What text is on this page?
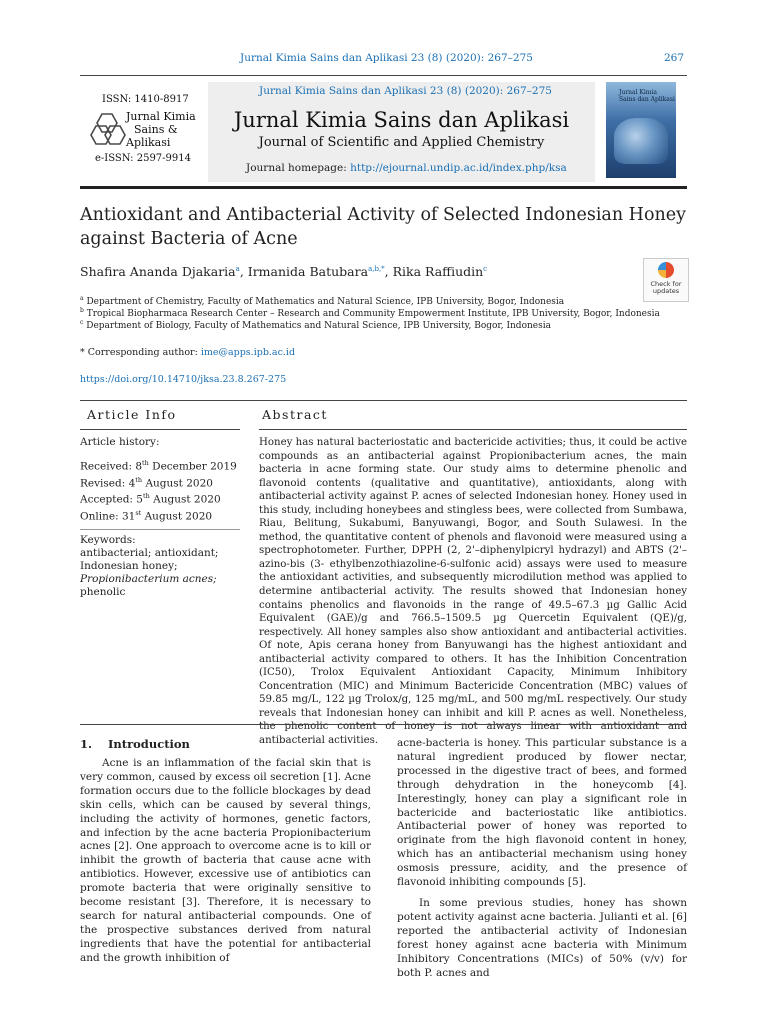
Jurnal Kimia Sains dan Aplikasi 23 (8) (2020): 267–275	267
ISSN: 1410-8917
Jurnal Kimia
Sains &
Aplikasi
e-ISSN: 2597-9914
Jurnal Kimia Sains dan Aplikasi 23 (8) (2020): 267–275
Jurnal Kimia Sains dan Aplikasi
Journal of Scientific and Applied Chemistry
Journal homepage: http://ejournal.undip.ac.id/index.php/ksa
Jurnal Kimia
Sains dan Aplikasi
Antioxidant and Antibacterial Activity of Selected Indonesian Honey against Bacteria of Acne
Shafira Ananda Djakaria$^a$, Irmanida Batubara$^{a,b,*}$, Rika Raffiudin$^c$
Check for updates
$^a$ Department of Chemistry, Faculty of Mathematics and Natural Science, IPB University, Bogor, Indonesia
$^b$ Tropical Biopharmaca Research Center – Research and Community Empowerment Institute, IPB University, Bogor, Indonesia
$^c$ Department of Biology, Faculty of Mathematics and Natural Science, IPB University, Bogor, Indonesia
* Corresponding author: ime@apps.ipb.ac.id
https://doi.org/10.14710/jksa.23.8.267-275
Article Info	Abstract

Article history:

Received: 8th December 2019

Revised: 4th August 2020

Accepted: 5th August 2020

Online: 31st August 2020

Keywords:

antibacterial; antioxidant;

Indonesian honey;

Propionibacterium acnes;

phenolic

Honey has natural bacteriostatic and bactericide activities; thus, it could be active compounds as an antibacterial against Propionibacterium acnes, the main bacteria in acne forming state. Our study aims to determine phenolic and flavonoid contents (qualitative and quantitative), antioxidants, along with antibacterial activity against P. acnes of selected Indonesian honey. Honey used in this study, including honeybees and stingless bees, were collected from Sumbawa, Riau, Belitung, Sukabumi, Banyuwangi, Bogor, and South Sulawesi. In the method, the quantitative content of phenols and flavonoid were measured using a spectrophotometer. Further, DPPH (2, 2'–diphenylpicryl hydrazyl) and ABTS (2'–azino-bis (3- ethylbenzothiazoline-6-sulfonic acid) assays were used to measure the antioxidant activities, and subsequently microdilution method was applied to determine antibacterial activity. The results showed that Indonesian honey contains phenolics and flavonoids in the range of 49.5–67.3 µg Gallic Acid Equivalent (GAE)/g and 766.5–1509.5 µg Quercetin Equivalent (QE)/g, respectively. All honey samples also show antioxidant and antibacterial activities. Of note, Apis cerana honey from Banyuwangi has the highest antioxidant and antibacterial activity compared to others. It has the Inhibition Concentration (IC50), Trolox Equivalent Antioxidant Capacity, Minimum Inhibitory Concentration (MIC) and Minimum Bactericide Concentration (MBC) values of 59.85 mg/L, 122 µg Trolox/g, 125 mg/mL, and 500 mg/mL respectively. Our study reveals that Indonesian honey can inhibit and kill P. acnes as well. Nonetheless, the phenolic content of honey is not always linear with antioxidant and antibacterial activities.
1.    Introduction

Acne is an inflammation of the facial skin that is very common, caused by excess oil secretion [1]. Acne formation occurs due to the follicle blockages by dead skin cells, which can be caused by several things, including the activity of hormones, genetic factors, and infection by the acne bacteria Propionibacterium acnes [2]. One approach to overcome acne is to kill or inhibit the growth of bacteria that cause acne with antibiotics. However, excessive use of antibiotics can promote bacteria that were originally sensitive to become resistant [3]. Therefore, it is necessary to search for natural antibacterial compounds. One of the prospective substances derived from natural ingredients that have the potential for antibacterial and the growth inhibition of

acne-bacteria is honey. This particular substance is a natural ingredient produced by flower nectar, processed in the digestive tract of bees, and formed through dehydration in the honeycomb [4]. Interestingly, honey can play a significant role in bactericide and bacteriostatic like antibiotics. Antibacterial power of honey was reported to originate from the high flavonoid content in honey, which has an antibacterial mechanism using honey osmosis pressure, acidity, and the presence of flavonoid inhibiting compounds [5].

In some previous studies, honey has shown potent activity against acne bacteria. Julianti et al. [6] reported the antibacterial activity of Indonesian forest honey against acne bacteria with Minimum Inhibitory Concentrations (MICs) of 50% (v/v) for both P. acnes and
